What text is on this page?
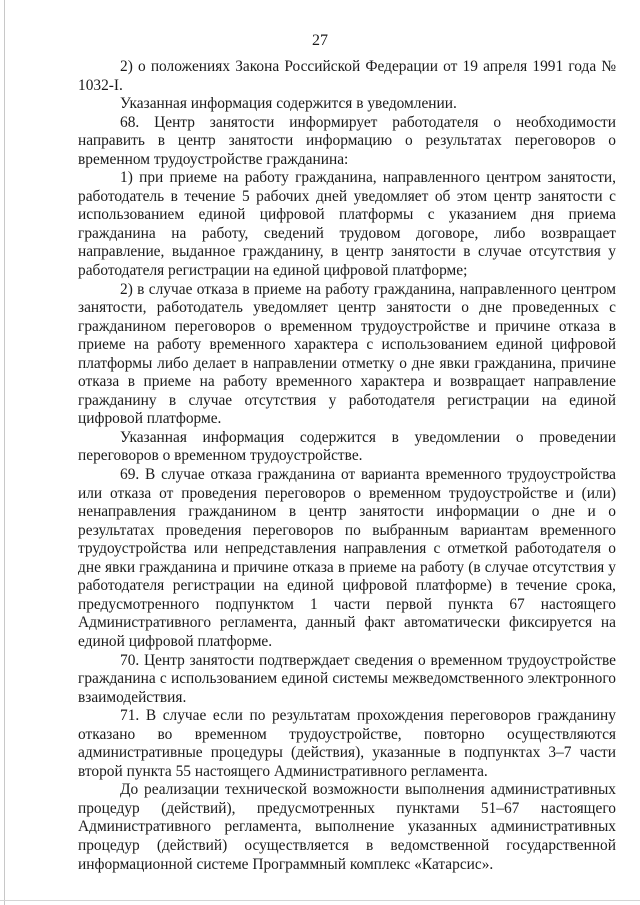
27

2) о положениях Закона Российской Федерации от 19 апреля 1991 года № 1032-I.

Указанная информация содержится в уведомлении.

68. Центр занятости информирует работодателя о необходимости направить в центр занятости информацию о результатах переговоров о временном трудоустройстве гражданина:

1) при приеме на работу гражданина, направленного центром занятости, работодатель в течение 5 рабочих дней уведомляет об этом центр занятости с использованием единой цифровой платформы с указанием дня приема гражданина на работу, сведений трудовом договоре, либо возвращает направление, выданное гражданину, в центр занятости в случае отсутствия у работодателя регистрации на единой цифровой платформе;

2) в случае отказа в приеме на работу гражданина, направленного центром занятости, работодатель уведомляет центр занятости о дне проведенных с гражданином переговоров о временном трудоустройстве и причине отказа в приеме на работу временного характера с использованием единой цифровой платформы либо делает в направлении отметку о дне явки гражданина, причине отказа в приеме на работу временного характера и возвращает направление гражданину в случае отсутствия у работодателя регистрации на единой цифровой платформе.

Указанная информация содержится в уведомлении о проведении переговоров о временном трудоустройстве.

69. В случае отказа гражданина от варианта временного трудоустройства или отказа от проведения переговоров о временном трудоустройстве и (или) ненаправления гражданином в центр занятости информации о дне и о результатах проведения переговоров по выбранным вариантам временного трудоустройства или непредставления направления с отметкой работодателя о дне явки гражданина и причине отказа в приеме на работу (в случае отсутствия у работодателя регистрации на единой цифровой платформе) в течение срока, предусмотренного подпунктом 1 части первой пункта 67 настоящего Административного регламента, данный факт автоматически фиксируется на единой цифровой платформе.

70. Центр занятости подтверждает сведения о временном трудоустройстве гражданина с использованием единой системы межведомственного электронного взаимодействия.

71. В случае если по результатам прохождения переговоров гражданину отказано во временном трудоустройстве, повторно осуществляются административные процедуры (действия), указанные в подпунктах 3–7 части второй пункта 55 настоящего Административного регламента.

До реализации технической возможности выполнения административных процедур (действий), предусмотренных пунктами 51–67 настоящего Административного регламента, выполнение указанных административных процедур (действий) осуществляется в ведомственной государственной информационной системе Программный комплекс «Катарсис».
